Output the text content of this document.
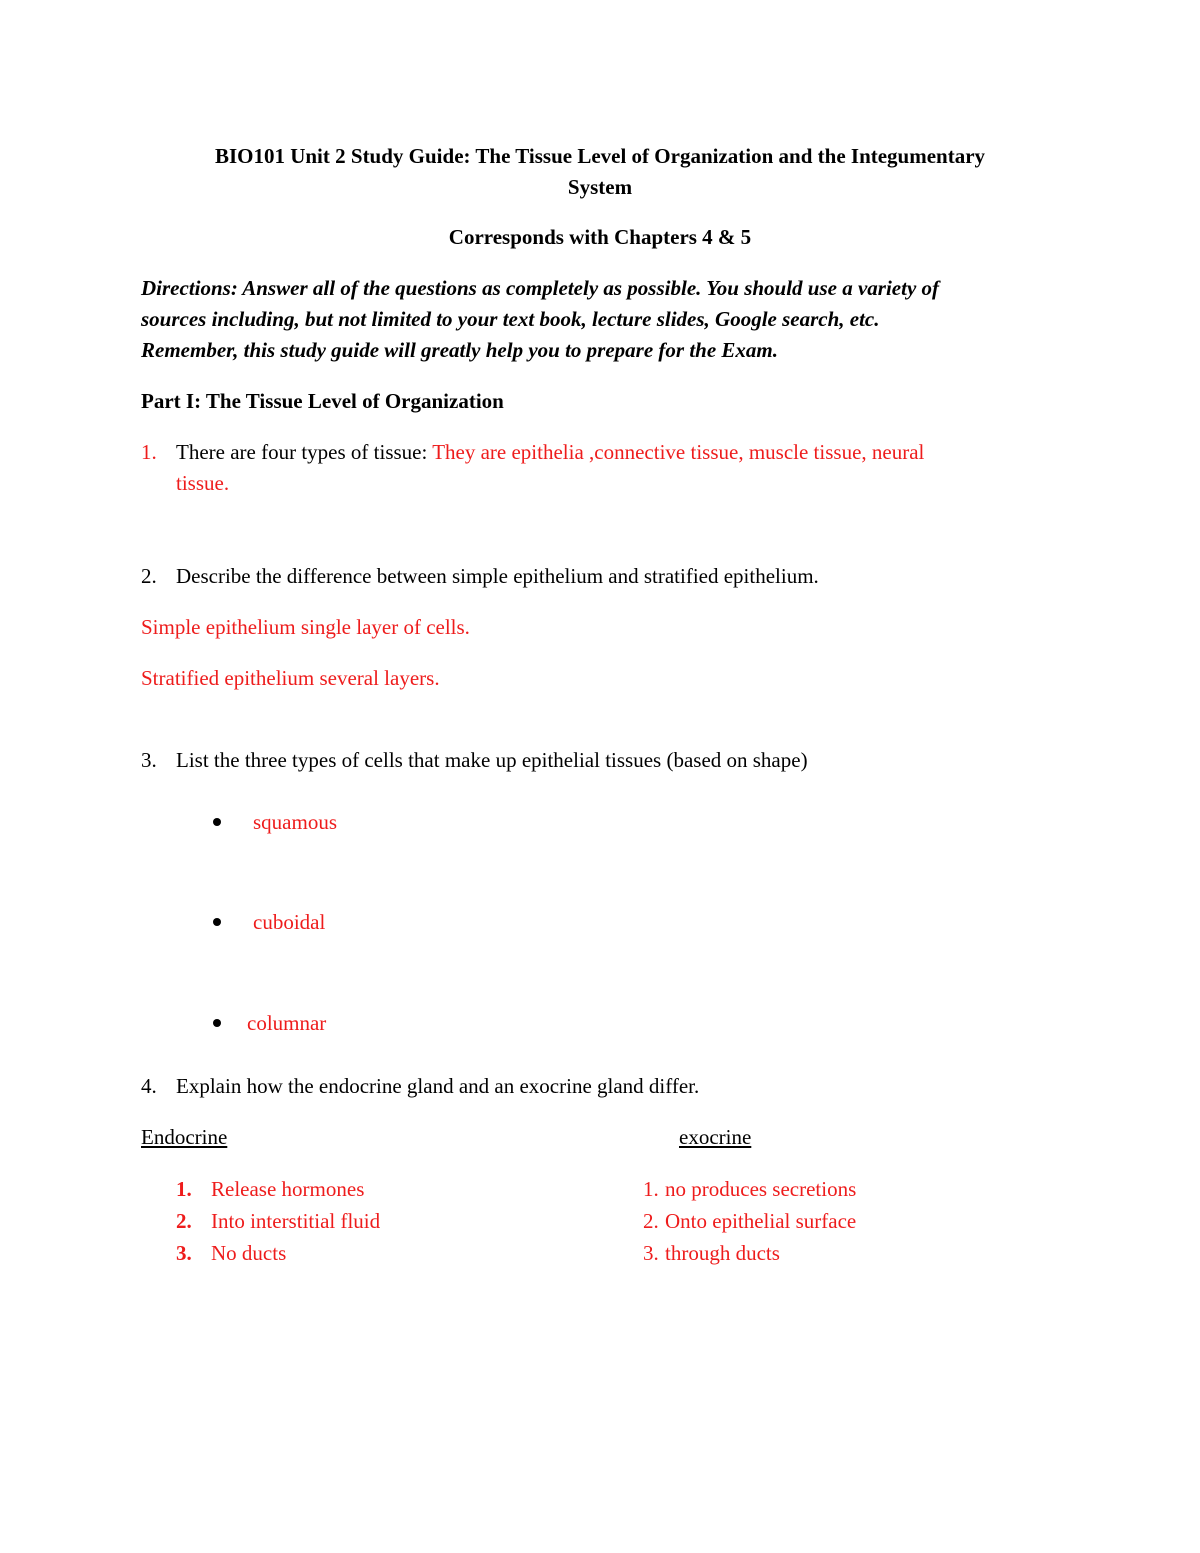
BIO101 Unit 2 Study Guide: The Tissue Level of Organization and the Integumentary
System
Corresponds with Chapters 4 & 5
Directions: Answer all of the questions as completely as possible. You should use a variety of
sources including, but not limited to your text book, lecture slides, Google search, etc.
Remember, this study guide will greatly help you to prepare for the Exam.
Part I: The Tissue Level of Organization
1. There are four types of tissue: They are epithelia ,connective tissue, muscle tissue, neural
tissue.
2. Describe the difference between simple epithelium and stratified epithelium.
Simple epithelium single layer of cells.
Stratified epithelium several layers.
3. List the three types of cells that make up epithelial tissues (based on shape)
squamous
cuboidal
columnar
4. Explain how the endocrine gland and an exocrine gland differ.
Endocrine	exocrine
1. Release hormones
2. Into interstitial fluid
3. No ducts
1. no produces secretions
2. Onto epithelial surface
3. through ducts
